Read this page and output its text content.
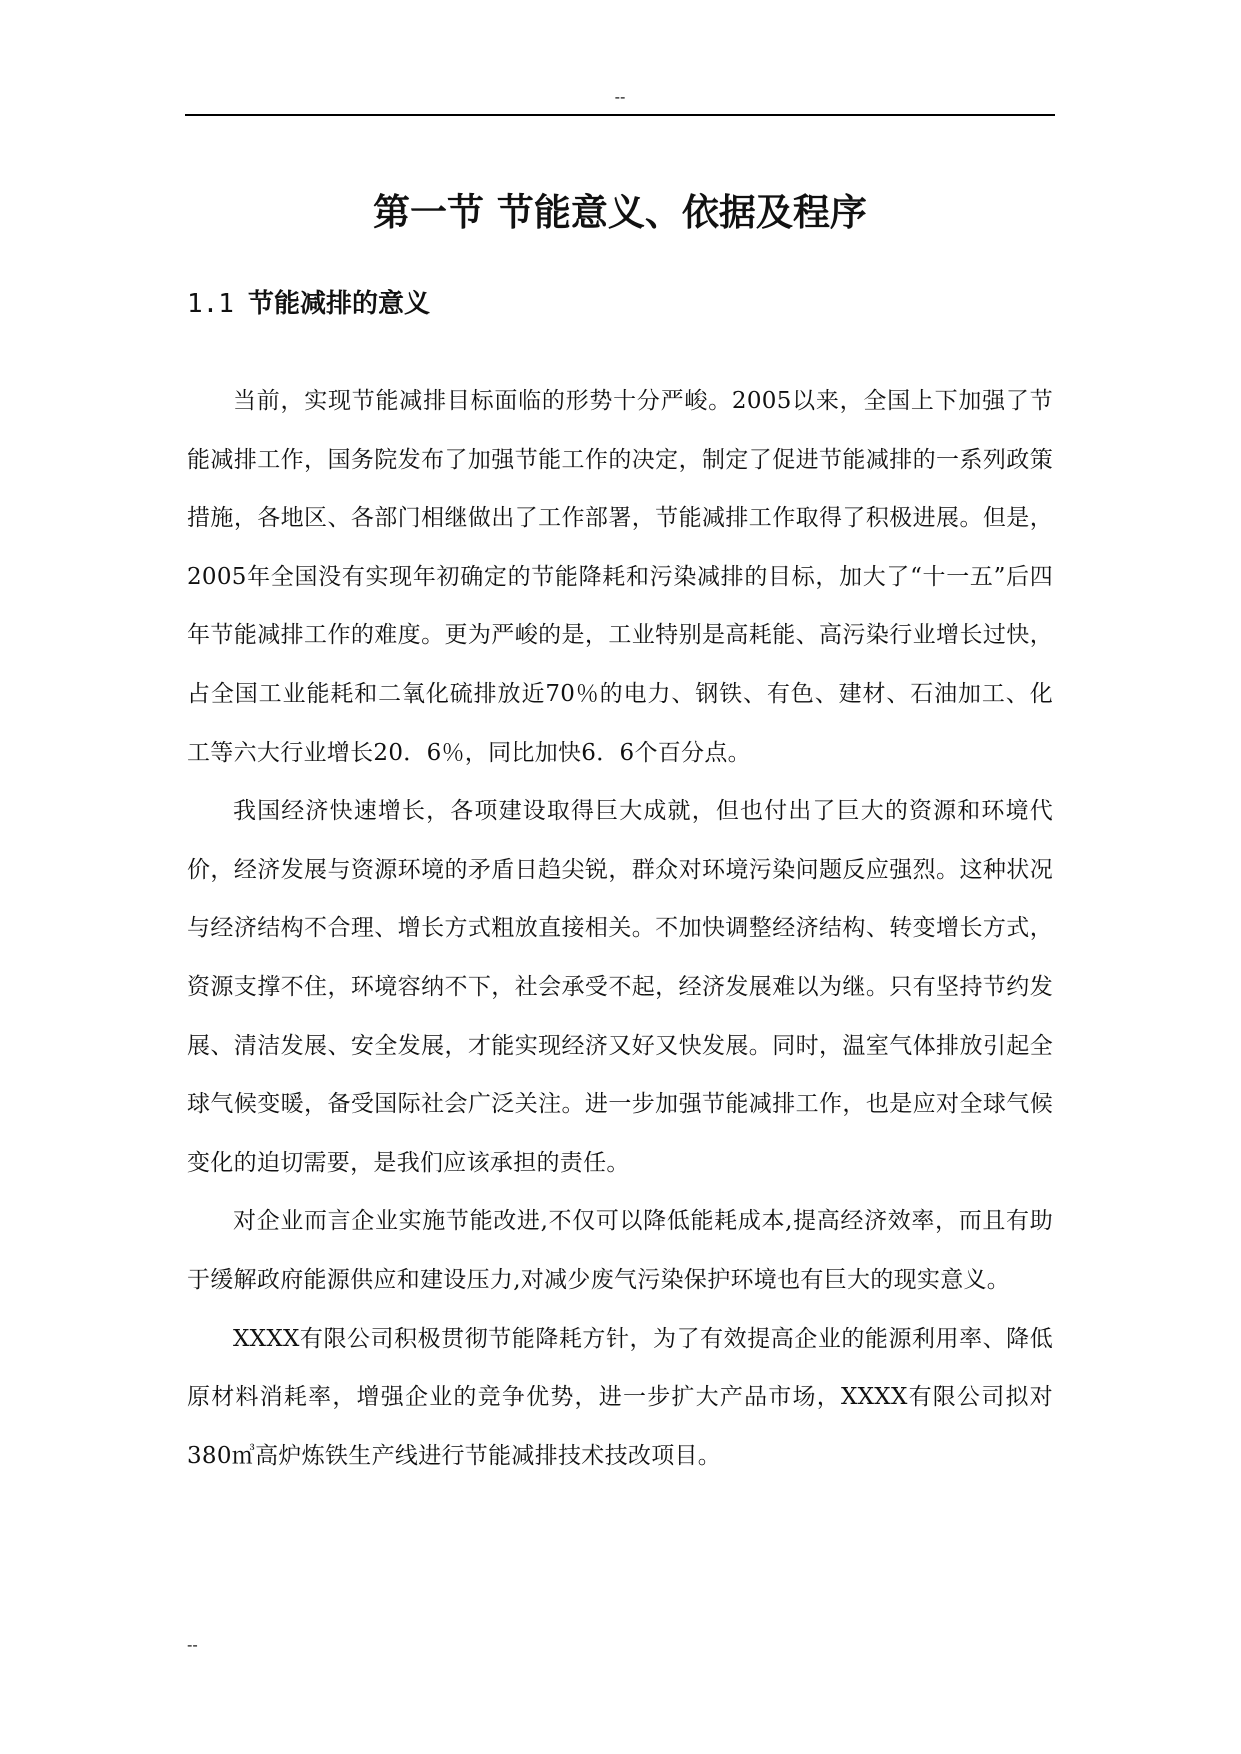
--
第一节 节能意义、依据及程序
1.1 节能减排的意义

当前，实现节能减排目标面临的形势十分严峻。2005以来，全国上下加强了节能减排工作，国务院发布了加强节能工作的决定，制定了促进节能减排的一系列政策措施，各地区、各部门相继做出了工作部署，节能减排工作取得了积极进展。但是，2005年全国没有实现年初确定的节能降耗和污染减排的目标，加大了“十一五”后四年节能减排工作的难度。更为严峻的是，工业特别是高耗能、高污染行业增长过快，占全国工业能耗和二氧化硫排放近70％的电力、钢铁、有色、建材、石油加工、化工等六大行业增长20．6％，同比加快6．6个百分点。

我国经济快速增长，各项建设取得巨大成就，但也付出了巨大的资源和环境代价，经济发展与资源环境的矛盾日趋尖锐，群众对环境污染问题反应强烈。这种状况与经济结构不合理、增长方式粗放直接相关。不加快调整经济结构、转变增长方式，资源支撑不住，环境容纳不下，社会承受不起，经济发展难以为继。只有坚持节约发展、清洁发展、安全发展，才能实现经济又好又快发展。同时，温室气体排放引起全球气候变暖，备受国际社会广泛关注。进一步加强节能减排工作，也是应对全球气候变化的迫切需要，是我们应该承担的责任。

对企业而言企业实施节能改进,不仅可以降低能耗成本,提高经济效率，而且有助于缓解政府能源供应和建设压力,对减少废气污染保护环境也有巨大的现实意义。

XXXX有限公司积极贯彻节能降耗方针，为了有效提高企业的能源利用率、降低原材料消耗率，增强企业的竞争优势，进一步扩大产品市场，XXXX有限公司拟对380㎥高炉炼铁生产线进行节能减排技术技改项目。

--
